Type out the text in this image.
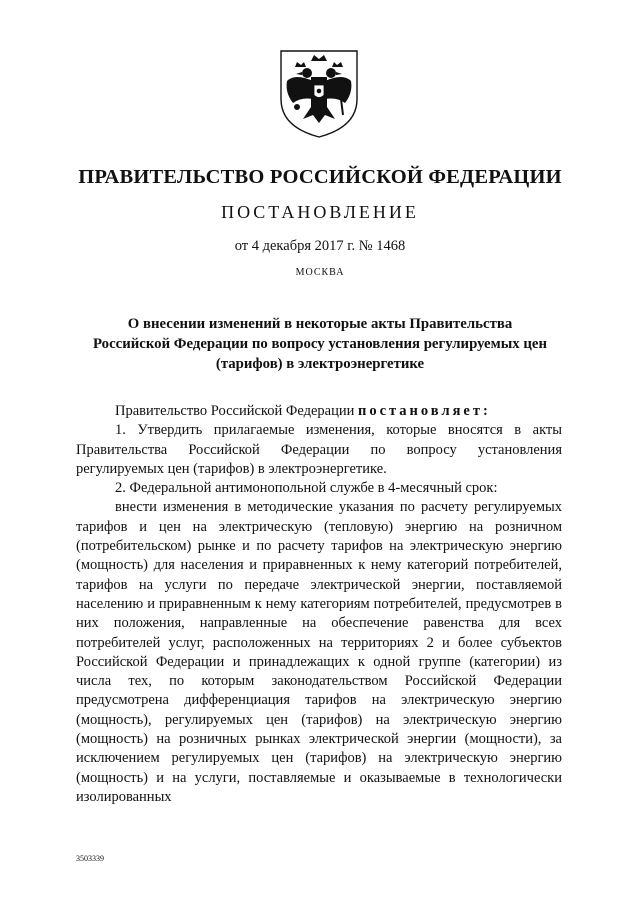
ПРАВИТЕЛЬСТВО РОССИЙСКОЙ ФЕДЕРАЦИИ
ПОСТАНОВЛЕНИЕ
от 4 декабря 2017 г. № 1468
МОСКВА
О внесении изменений в некоторые акты Правительства
Российской Федерации по вопросу установления регулируемых цен
(тарифов) в электроэнергетике

Правительство Российской Федерации постановляет:

1. Утвердить прилагаемые изменения, которые вносятся в акты Правительства Российской Федерации по вопросу установления регулируемых цен (тарифов) в электроэнергетике.

2. Федеральной антимонопольной службе в 4-месячный срок:

внести изменения в методические указания по расчету регулируемых тарифов и цен на электрическую (тепловую) энергию на розничном (потребительском) рынке и по расчету тарифов на электрическую энергию (мощность) для населения и приравненных к нему категорий потребителей, тарифов на услуги по передаче электрической энергии, поставляемой населению и приравненным к нему категориям потребителей, предусмотрев в них положения, направленные на обеспечение равенства для всех потребителей услуг, расположенных на территориях 2 и более субъектов Российской Федерации и принадлежащих к одной группе (категории) из числа тех, по которым законодательством Российской Федерации предусмотрена дифференциация тарифов на электрическую энергию (мощность), регулируемых цен (тарифов) на электрическую энергию (мощность) на розничных рынках электрической энергии (мощности), за исключением регулируемых цен (тарифов) на электрическую энергию (мощность) и на услуги, поставляемые и оказываемые в технологически изолированных

3503339
